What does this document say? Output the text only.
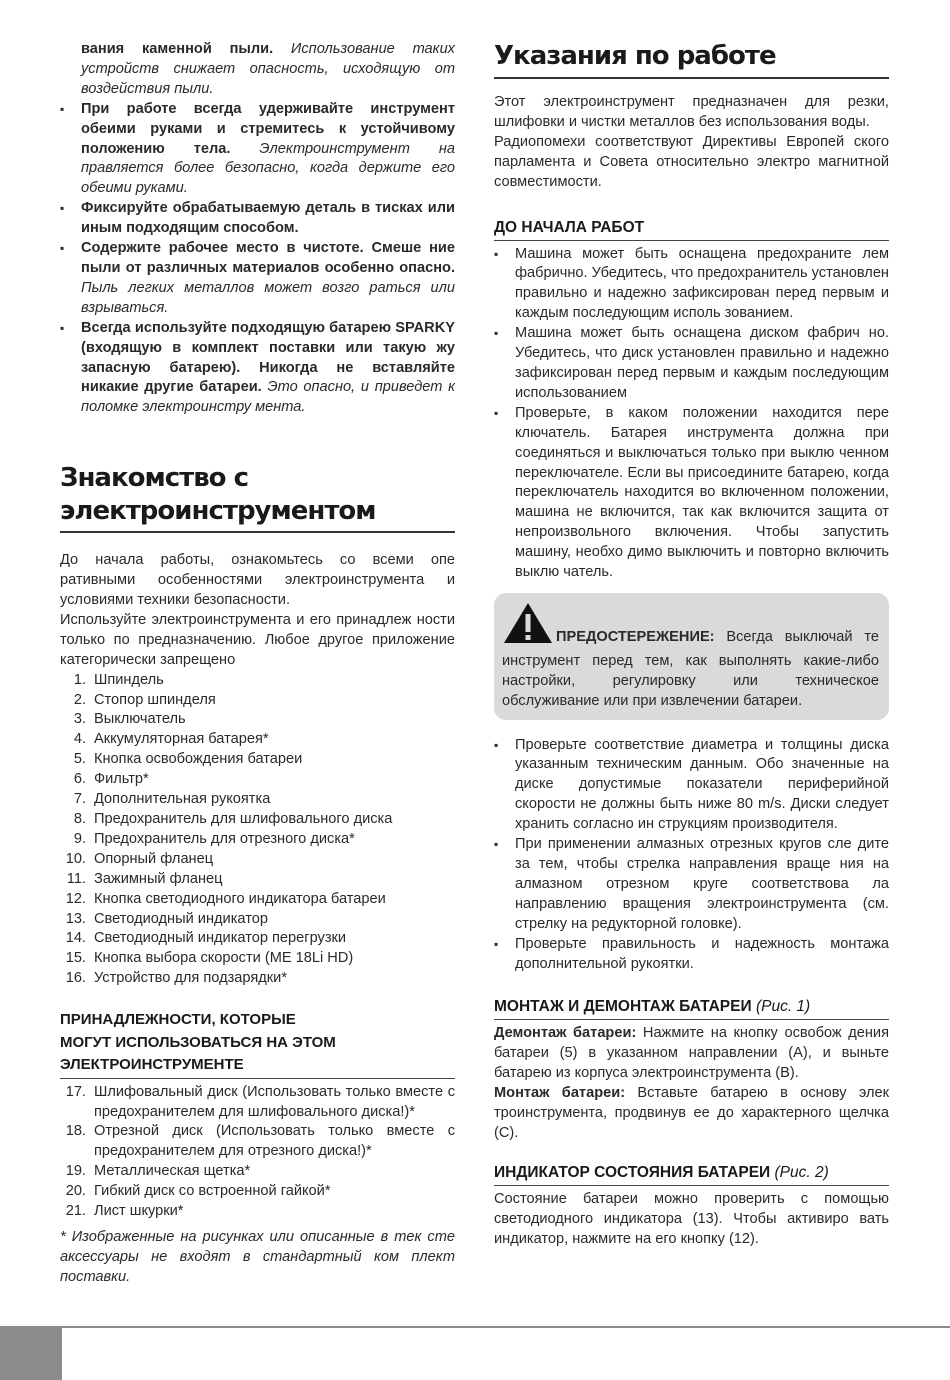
вания каменной пыли. Использование таких устройств снижает опасность, исходящую от воздействия пыли.

▪ При работе всегда удерживайте инструмент обеими руками и стремитесь к устойчивому положению тела. Электроинструмент на правляется более безопасно, когда держите его обеими руками.
▪ Фиксируйте обрабатываемую деталь в тисках или иным подходящим способом.
▪ Содержите рабочее место в чистоте. Смеше ние пыли от различных материалов особенно опасно. Пыль легких металлов может возго раться или взрываться.
▪ Всегда используйте подходящую батарею SPARKY (входящую в комплект поставки или такую жу запасную батарею). Никогда не вставляйте никакие другие батареи. Это опасно, и приведет к поломке электроинстру мента.
Знакомство с
электроинструментом

До начала работы, ознакомьтесь со всеми опе ративными особенностями электроинструмента и условиями техники безопасности.

Используйте электроинструмента и его принадлеж ности только по предназначению. Любое другое приложение категорически запрещено

1. Шпиндель
2. Стопор шпинделя
3. Выключатель
4. Аккумуляторная батарея*
5. Кнопка освобождения батареи
6. Фильтр*
7. Дополнительная рукоятка
8. Предохранитель для шлифовального диска
9. Предохранитель для отрезного диска*
10. Опорный фланец
11. Зажимный фланец
12. Кнопка светодиодного индикатора батареи
13. Светодиодный индикатор
14. Светодиодный индикатор перегрузки
15. Кнопка выбора скорости (ME 18Li HD)
16. Устройство для подзарядки*
ПРИНАДЛЕЖНОСТИ, КОТОРЫЕ
МОГУТ ИСПОЛЬЗОВАТЬСЯ НА ЭТОМ
ЭЛЕКТРОИНСТРУМЕНТЕ
17. Шлифовальный диск (Использовать только вместе с предохранителем для шлифовального диска!)*
18. Отрезной диск (Использовать только вместе с предохранителем для отрезного диска!)*
19. Металлическая щетка*
20. Гибкий диск со встроенной гайкой*
21. Лист шкурки*

* Изображенные на рисунках или описанные в тек сте аксессуары не входят в стандартный ком плект поставки.

Указания по работе

Этот электроинструмент предназначен для резки, шлифовки и чистки металлов без использования воды.

Радиопомехи соответствуют Директивы Европей ского парламента и Совета относительно электро магнитной совместимости.

ДО НАЧАЛА РАБОТ
▪ Машина может быть оснащена предохраните лем фабрично. Убедитесь, что предохранитель установлен правильно и надежно зафиксирован перед первым и каждым последующим исполь зованием.
▪ Машина может быть оснащена диском фабрич но. Убедитесь, что диск установлен правильно и надежно зафиксирован перед первым и каждым последующим использованием
▪ Проверьте, в каком положении находится пере ключатель. Батарея инструмента должна при соединяться и выключаться только при выклю ченном переключателе. Если вы присоедините батарею, когда переключатель находится во включенном положении, машина не включится, так как включится защита от непроизвольного включения. Чтобы запустить машину, необхо димо выключить и повторно включить выклю чатель.
ПРЕДОСТЕРЕЖЕНИЕ: Всегда выключай те инструмент перед тем, как выполнять какие-либо настройки, регулировку или техническое обслуживание или при извлечении батареи.
▪ Проверьте соответствие диаметра и толщины диска указанным техническим данным. Обо значенные на диске допустимые показатели периферийной скорости не должны быть ниже 80 m/s. Диски следует хранить согласно ин струкциям производителя.
▪ При применении алмазных отрезных кругов сле дите за тем, чтобы стрелка направления враще ния на алмазном отрезном круге соответствова ла направлению вращения электроинструмента (см. стрелку на редукторной головке).
▪ Проверьте правильность и надежность монтажа дополнительной рукоятки.
МОНТАЖ И ДЕМОНТАЖ БАТАРЕИ (Рис. 1)

Демонтаж батареи: Нажмите на кнопку освобож дения батареи (5) в указанном направлении (А), и выньте батарею из корпуса электроинструмента (В).

Монтаж батареи: Вставьте батарею в основу элек троинструмента, продвинув ее до характерного щелчка (С).

ИНДИКАТОР СОСТОЯНИЯ БАТАРЕИ (Рис. 2)

Состояние батареи можно проверить с помощью светодиодного индикатора (13). Чтобы активиро вать индикатор, нажмите на его кнопку (12).
